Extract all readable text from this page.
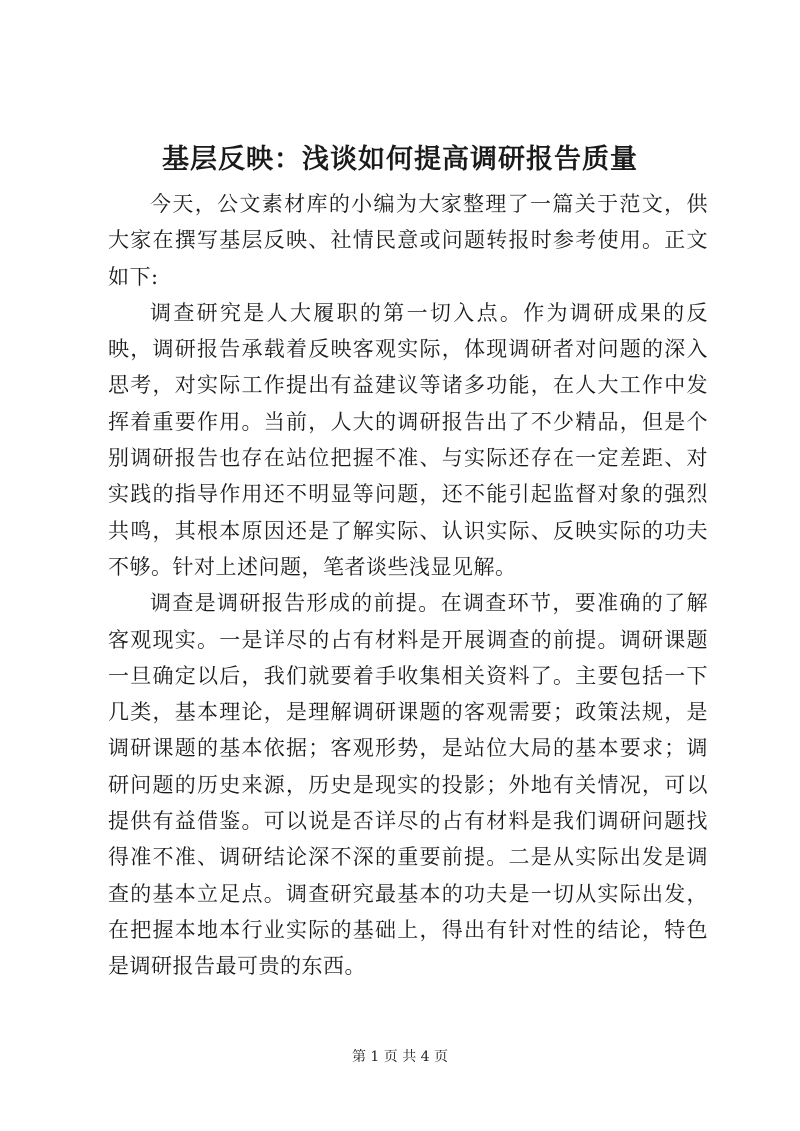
基层反映：浅谈如何提高调研报告质量

今天，公文素材库的小编为大家整理了一篇关于范文，供大家在撰写基层反映、社情民意或问题转报时参考使用。正文如下:

调查研究是人大履职的第一切入点。作为调研成果的反映，调研报告承载着反映客观实际，体现调研者对问题的深入思考，对实际工作提出有益建议等诸多功能，在人大工作中发挥着重要作用。当前，人大的调研报告出了不少精品，但是个别调研报告也存在站位把握不准、与实际还存在一定差距、对实践的指导作用还不明显等问题，还不能引起监督对象的强烈共鸣，其根本原因还是了解实际、认识实际、反映实际的功夫不够。针对上述问题，笔者谈些浅显见解。

调查是调研报告形成的前提。在调查环节，要准确的了解客观现实。一是详尽的占有材料是开展调查的前提。调研课题一旦确定以后，我们就要着手收集相关资料了。主要包括一下几类，基本理论，是理解调研课题的客观需要；政策法规，是调研课题的基本依据；客观形势，是站位大局的基本要求；调研问题的历史来源，历史是现实的投影；外地有关情况，可以提供有益借鉴。可以说是否详尽的占有材料是我们调研问题找得准不准、调研结论深不深的重要前提。二是从实际出发是调查的基本立足点。调查研究最基本的功夫是一切从实际出发，在把握本地本行业实际的基础上，得出有针对性的结论，特色是调研报告最可贵的东西。

第 1 页 共 4 页
